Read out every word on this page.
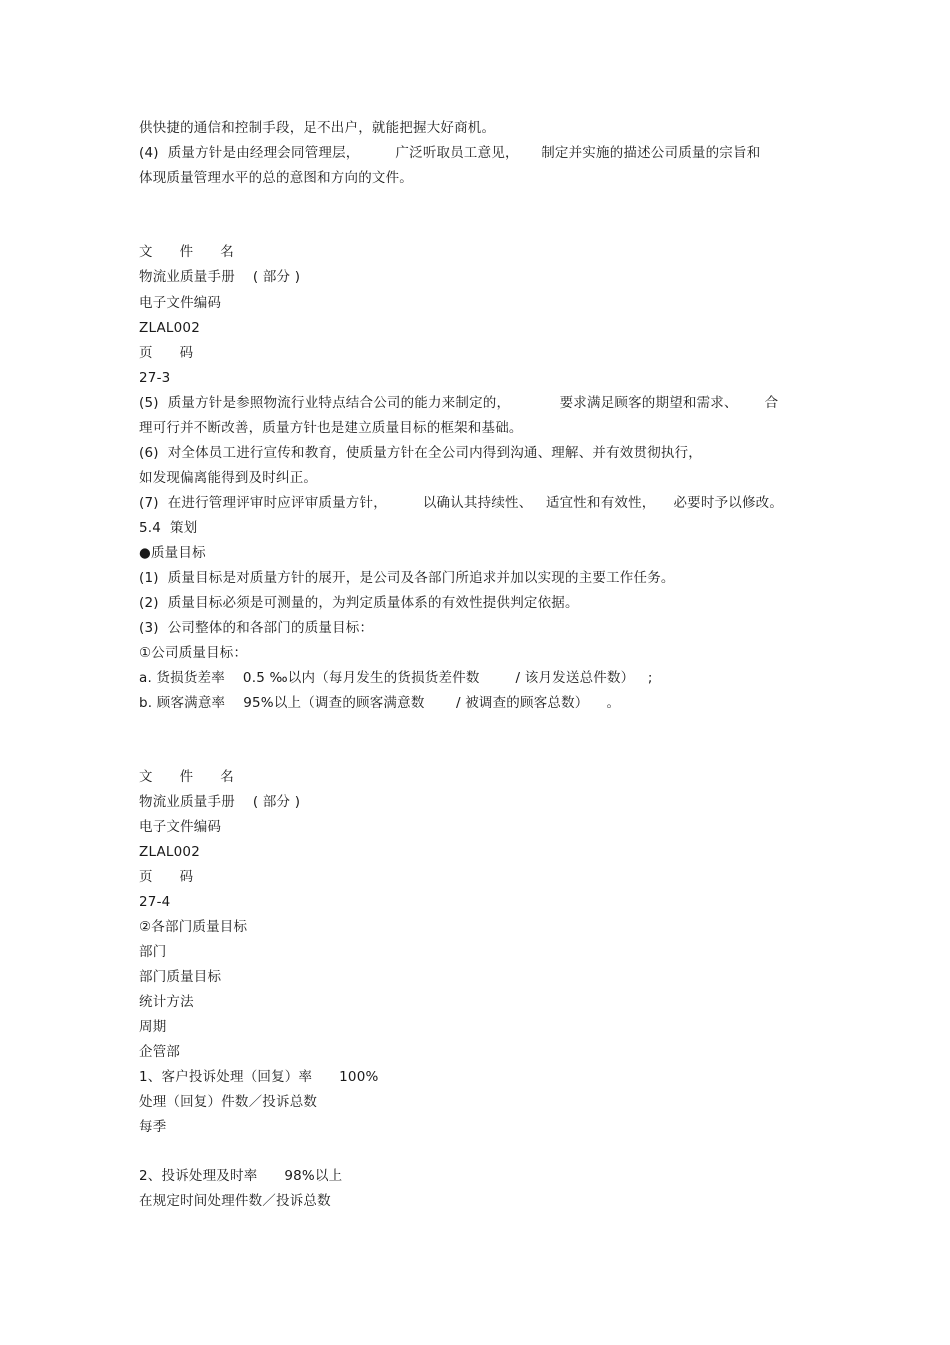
供快捷的通信和控制手段，足不出户，就能把握大好商机。
(4)  质量方针是由经理会同管理层，        广泛听取员工意见，     制定并实施的描述公司质量的宗旨和
体现质量管理水平的总的意图和方向的文件。
文      件      名
物流业质量手册    ( 部分 )
电子文件编码
ZLAL002
页      码
27-3
(5)  质量方针是参照物流行业特点结合公司的能力来制定的，           要求满足顾客的期望和需求、      合
理可行并不断改善，质量方针也是建立质量目标的框架和基础。
(6)  对全体员工进行宣传和教育，使质量方针在全公司内得到沟通、理解、并有效贯彻执行，
如发现偏离能得到及时纠正。
(7)  在进行管理评审时应评审质量方针，        以确认其持续性、   适宜性和有效性，    必要时予以修改。
5.4  策划
●质量目标
(1)  质量目标是对质量方针的展开，是公司及各部门所追求并加以实现的主要工作任务。
(2)  质量目标必须是可测量的，为判定质量体系的有效性提供判定依据。
(3)  公司整体的和各部门的质量目标：
①公司质量目标：
a. 货损货差率    0.5 ‰以内（每月发生的货损货差件数        / 该月发送总件数）   ;
b. 顾客满意率    95%以上（调查的顾客满意数       / 被调查的顾客总数）    。
文      件      名
物流业质量手册    ( 部分 )
电子文件编码
ZLAL002
页      码
27-4
②各部门质量目标
部门
部门质量目标
统计方法
周期
企管部
1、客户投诉处理（回复）率      100%
处理（回复）件数／投诉总数
每季
2、投诉处理及时率      98%以上
在规定时间处理件数／投诉总数
